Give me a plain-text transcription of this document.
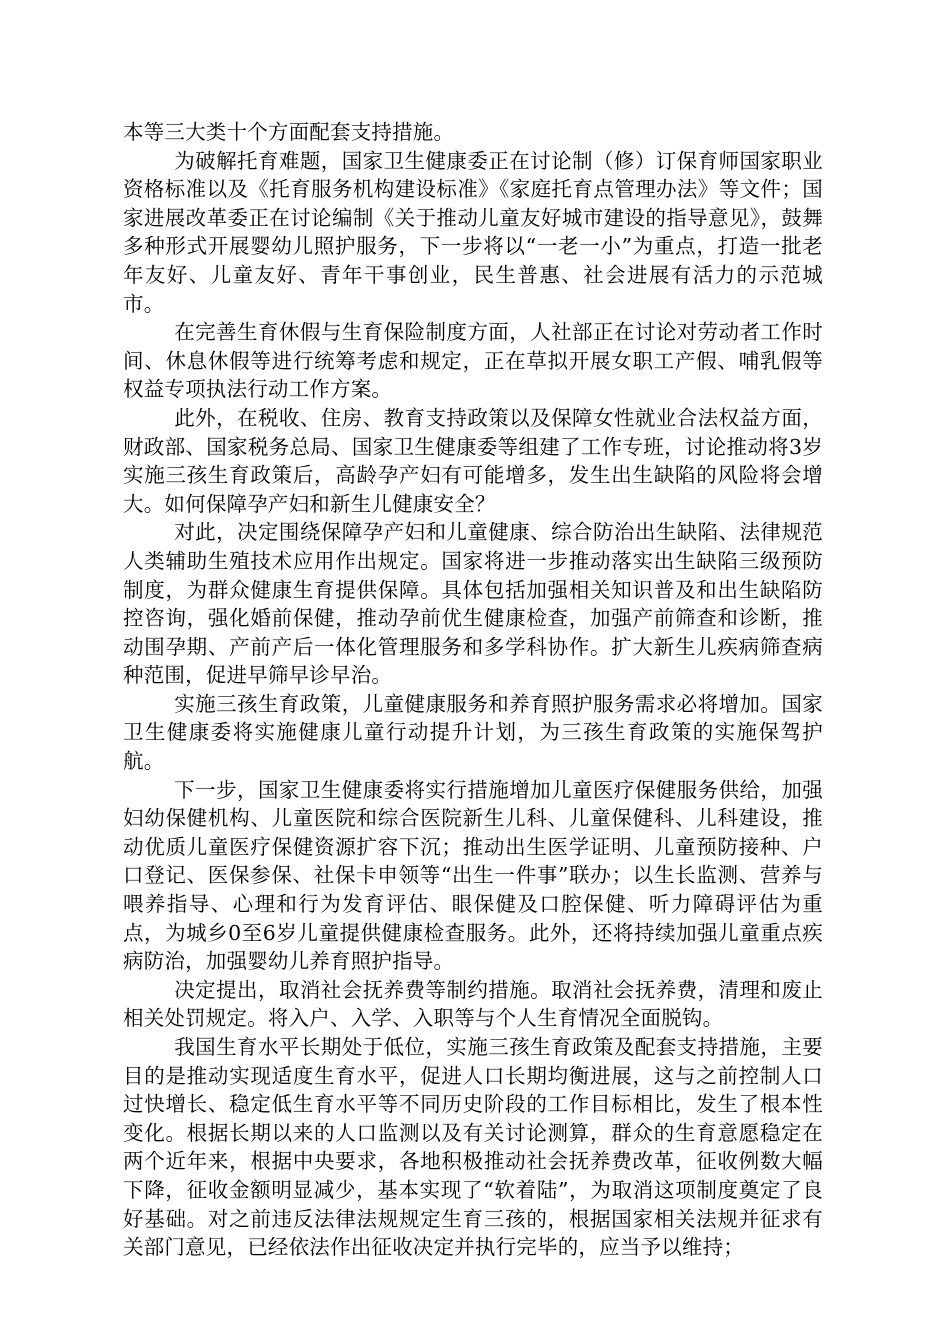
本等三大类十个方面配套支持措施。

为破解托育难题，国家卫生健康委正在讨论制（修）订保育师国家职业资格标准以及《托育服务机构建设标准》《家庭托育点管理办法》等文件；国家进展改革委正在讨论编制《关于推动儿童友好城市建设的指导意见》，鼓舞多种形式开展婴幼儿照护服务，下一步将以“一老一小”为重点，打造一批老年友好、儿童友好、青年干事创业，民生普惠、社会进展有活力的示范城市。

在完善生育休假与生育保险制度方面，人社部正在讨论对劳动者工作时间、休息休假等进行统筹考虑和规定，正在草拟开展女职工产假、哺乳假等权益专项执法行动工作方案。

此外，在税收、住房、教育支持政策以及保障女性就业合法权益方面，财政部、国家税务总局、国家卫生健康委等组建了工作专班，讨论推动将3岁实施三孩生育政策后，高龄孕产妇有可能增多，发生出生缺陷的风险将会增大。如何保障孕产妇和新生儿健康安全？

对此，决定围绕保障孕产妇和儿童健康、综合防治出生缺陷、法律规范人类辅助生殖技术应用作出规定。国家将进一步推动落实出生缺陷三级预防制度，为群众健康生育提供保障。具体包括加强相关知识普及和出生缺陷防控咨询，强化婚前保健，推动孕前优生健康检查，加强产前筛查和诊断，推动围孕期、产前产后一体化管理服务和多学科协作。扩大新生儿疾病筛查病种范围，促进早筛早诊早治。

实施三孩生育政策，儿童健康服务和养育照护服务需求必将增加。国家卫生健康委将实施健康儿童行动提升计划，为三孩生育政策的实施保驾护航。

下一步，国家卫生健康委将实行措施增加儿童医疗保健服务供给，加强妇幼保健机构、儿童医院和综合医院新生儿科、儿童保健科、儿科建设，推动优质儿童医疗保健资源扩容下沉；推动出生医学证明、儿童预防接种、户口登记、医保参保、社保卡申领等“出生一件事”联办；以生长监测、营养与喂养指导、心理和行为发育评估、眼保健及口腔保健、听力障碍评估为重点，为城乡0至6岁儿童提供健康检查服务。此外，还将持续加强儿童重点疾病防治，加强婴幼儿养育照护指导。

决定提出，取消社会抚养费等制约措施。取消社会抚养费，清理和废止相关处罚规定。将入户、入学、入职等与个人生育情况全面脱钩。

我国生育水平长期处于低位，实施三孩生育政策及配套支持措施，主要目的是推动实现适度生育水平，促进人口长期均衡进展，这与之前控制人口过快增长、稳定低生育水平等不同历史阶段的工作目标相比，发生了根本性变化。根据长期以来的人口监测以及有关讨论测算，群众的生育意愿稳定在两个近年来，根据中央要求，各地积极推动社会抚养费改革，征收例数大幅下降，征收金额明显减少，基本实现了“软着陆”，为取消这项制度奠定了良好基础。对之前违反法律法规规定生育三孩的，根据国家相关法规并征求有关部门意见，已经依法作出征收决定并执行完毕的，应当予以维持；
